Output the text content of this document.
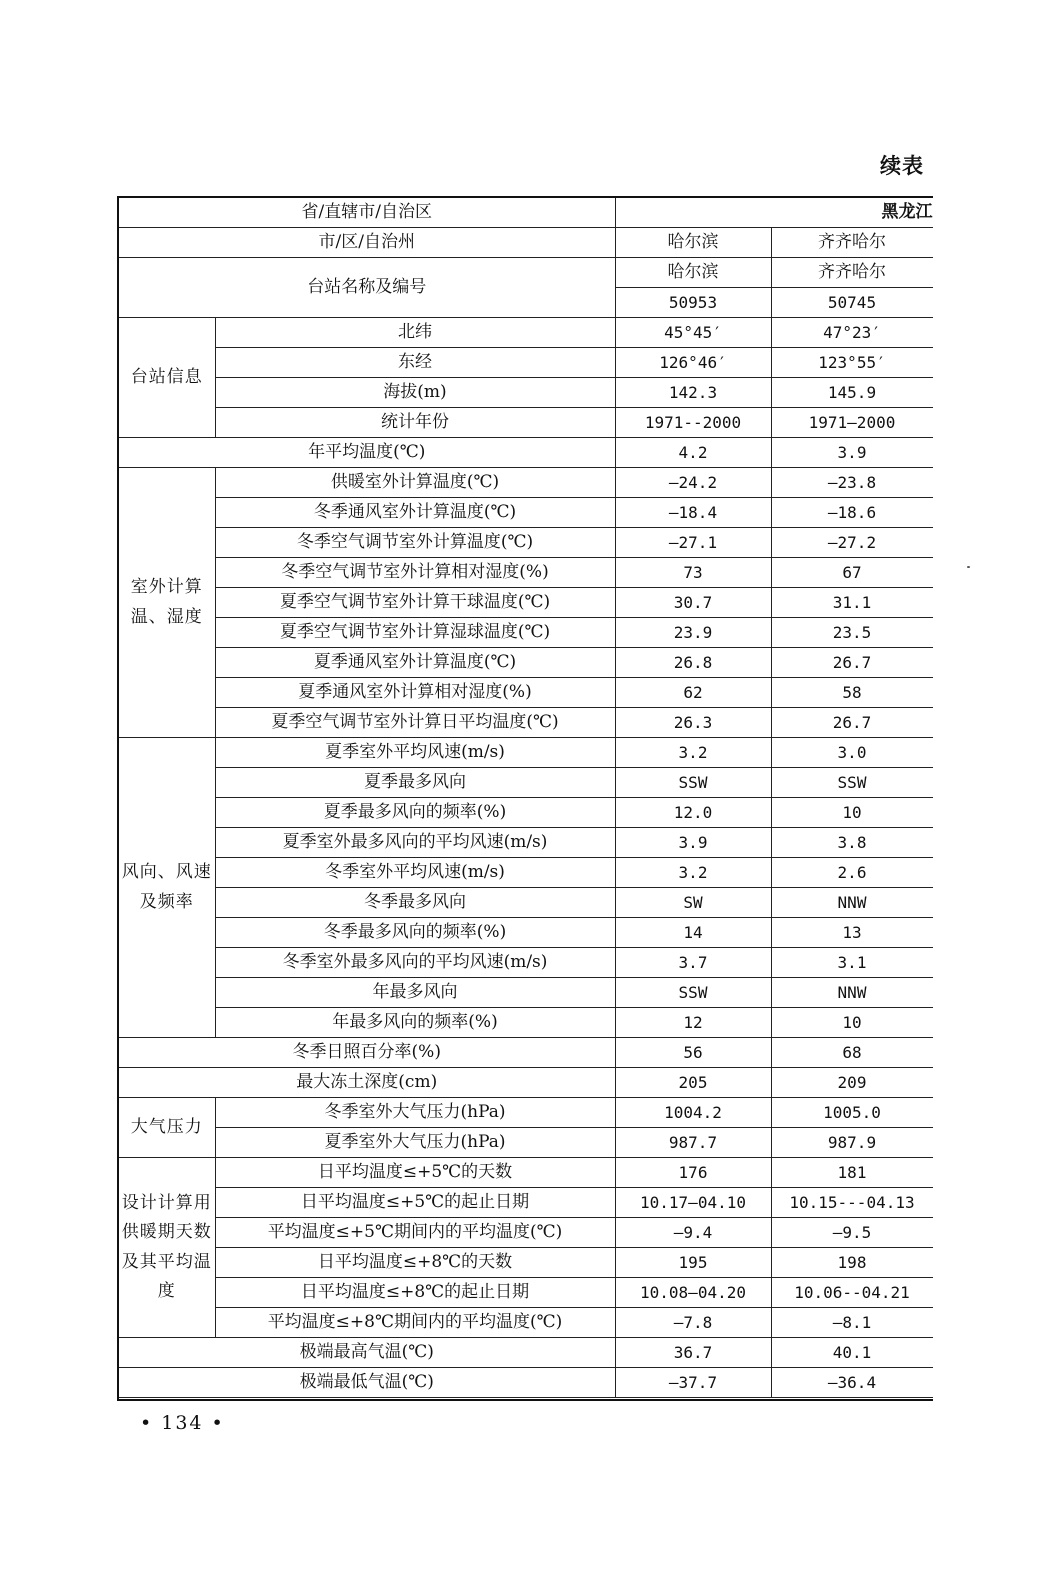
续表
省/直辖市/自治区		黑龙江		
市/区/自治州		哈尔滨	齐齐哈尔	
台站名称及编号		哈尔滨	齐齐哈尔	
		50953	50745	
台站信息	北纬	45°45′	47°23′	
	东经	126°46′	123°55′	
	海拔(m)	142.3	145.9	
	统计年份	1971--2000	1971—2000	
年平均温度(℃)		4.2	3.9	
室外计算温、湿度	供暖室外计算温度(℃)	—24.2	—23.8	
	冬季通风室外计算温度(℃)	—18.4	—18.6	
	冬季空气调节室外计算温度(℃)	—27.1	—27.2	
	冬季空气调节室外计算相对湿度(%)	73	67	
	夏季空气调节室外计算干球温度(℃)	30.7	31.1	
	夏季空气调节室外计算湿球温度(℃)	23.9	23.5	
	夏季通风室外计算温度(℃)	26.8	26.7	
	夏季通风室外计算相对湿度(%)	62	58	
	夏季空气调节室外计算日平均温度(℃)	26.3	26.7	
风向、风速及频率	夏季室外平均风速(m/s)	3.2	3.0	
	夏季最多风向	SSW	SSW	
	夏季最多风向的频率(%)	12.0	10	
	夏季室外最多风向的平均风速(m/s)	3.9	3.8	
	冬季室外平均风速(m/s)	3.2	2.6	
	冬季最多风向	SW	NNW	
	冬季最多风向的频率(%)	14	13	
	冬季室外最多风向的平均风速(m/s)	3.7	3.1	
	年最多风向	SSW	NNW	
	年最多风向的频率(%)	12	10	
冬季日照百分率(%)		56	68	
最大冻土深度(cm)		205	209	
大气压力	冬季室外大气压力(hPa)	1004.2	1005.0	
	夏季室外大气压力(hPa)	987.7	987.9	
设计计算用供暖期天数及其平均温度	日平均温度≤+5℃的天数	176	181	
	日平均温度≤+5℃的起止日期	10.17—04.10	10.15---04.13	
	平均温度≤+5℃期间内的平均温度(℃)	—9.4	—9.5	
	日平均温度≤+8℃的天数	195	198	
	日平均温度≤+8℃的起止日期	10.08—04.20	10.06--04.21	
	平均温度≤+8℃期间内的平均温度(℃)	—7.8	—8.1	
极端最高气温(℃)		36.7	40.1	
极端最低气温(℃)		—37.7	—36.4	
• 134 •
